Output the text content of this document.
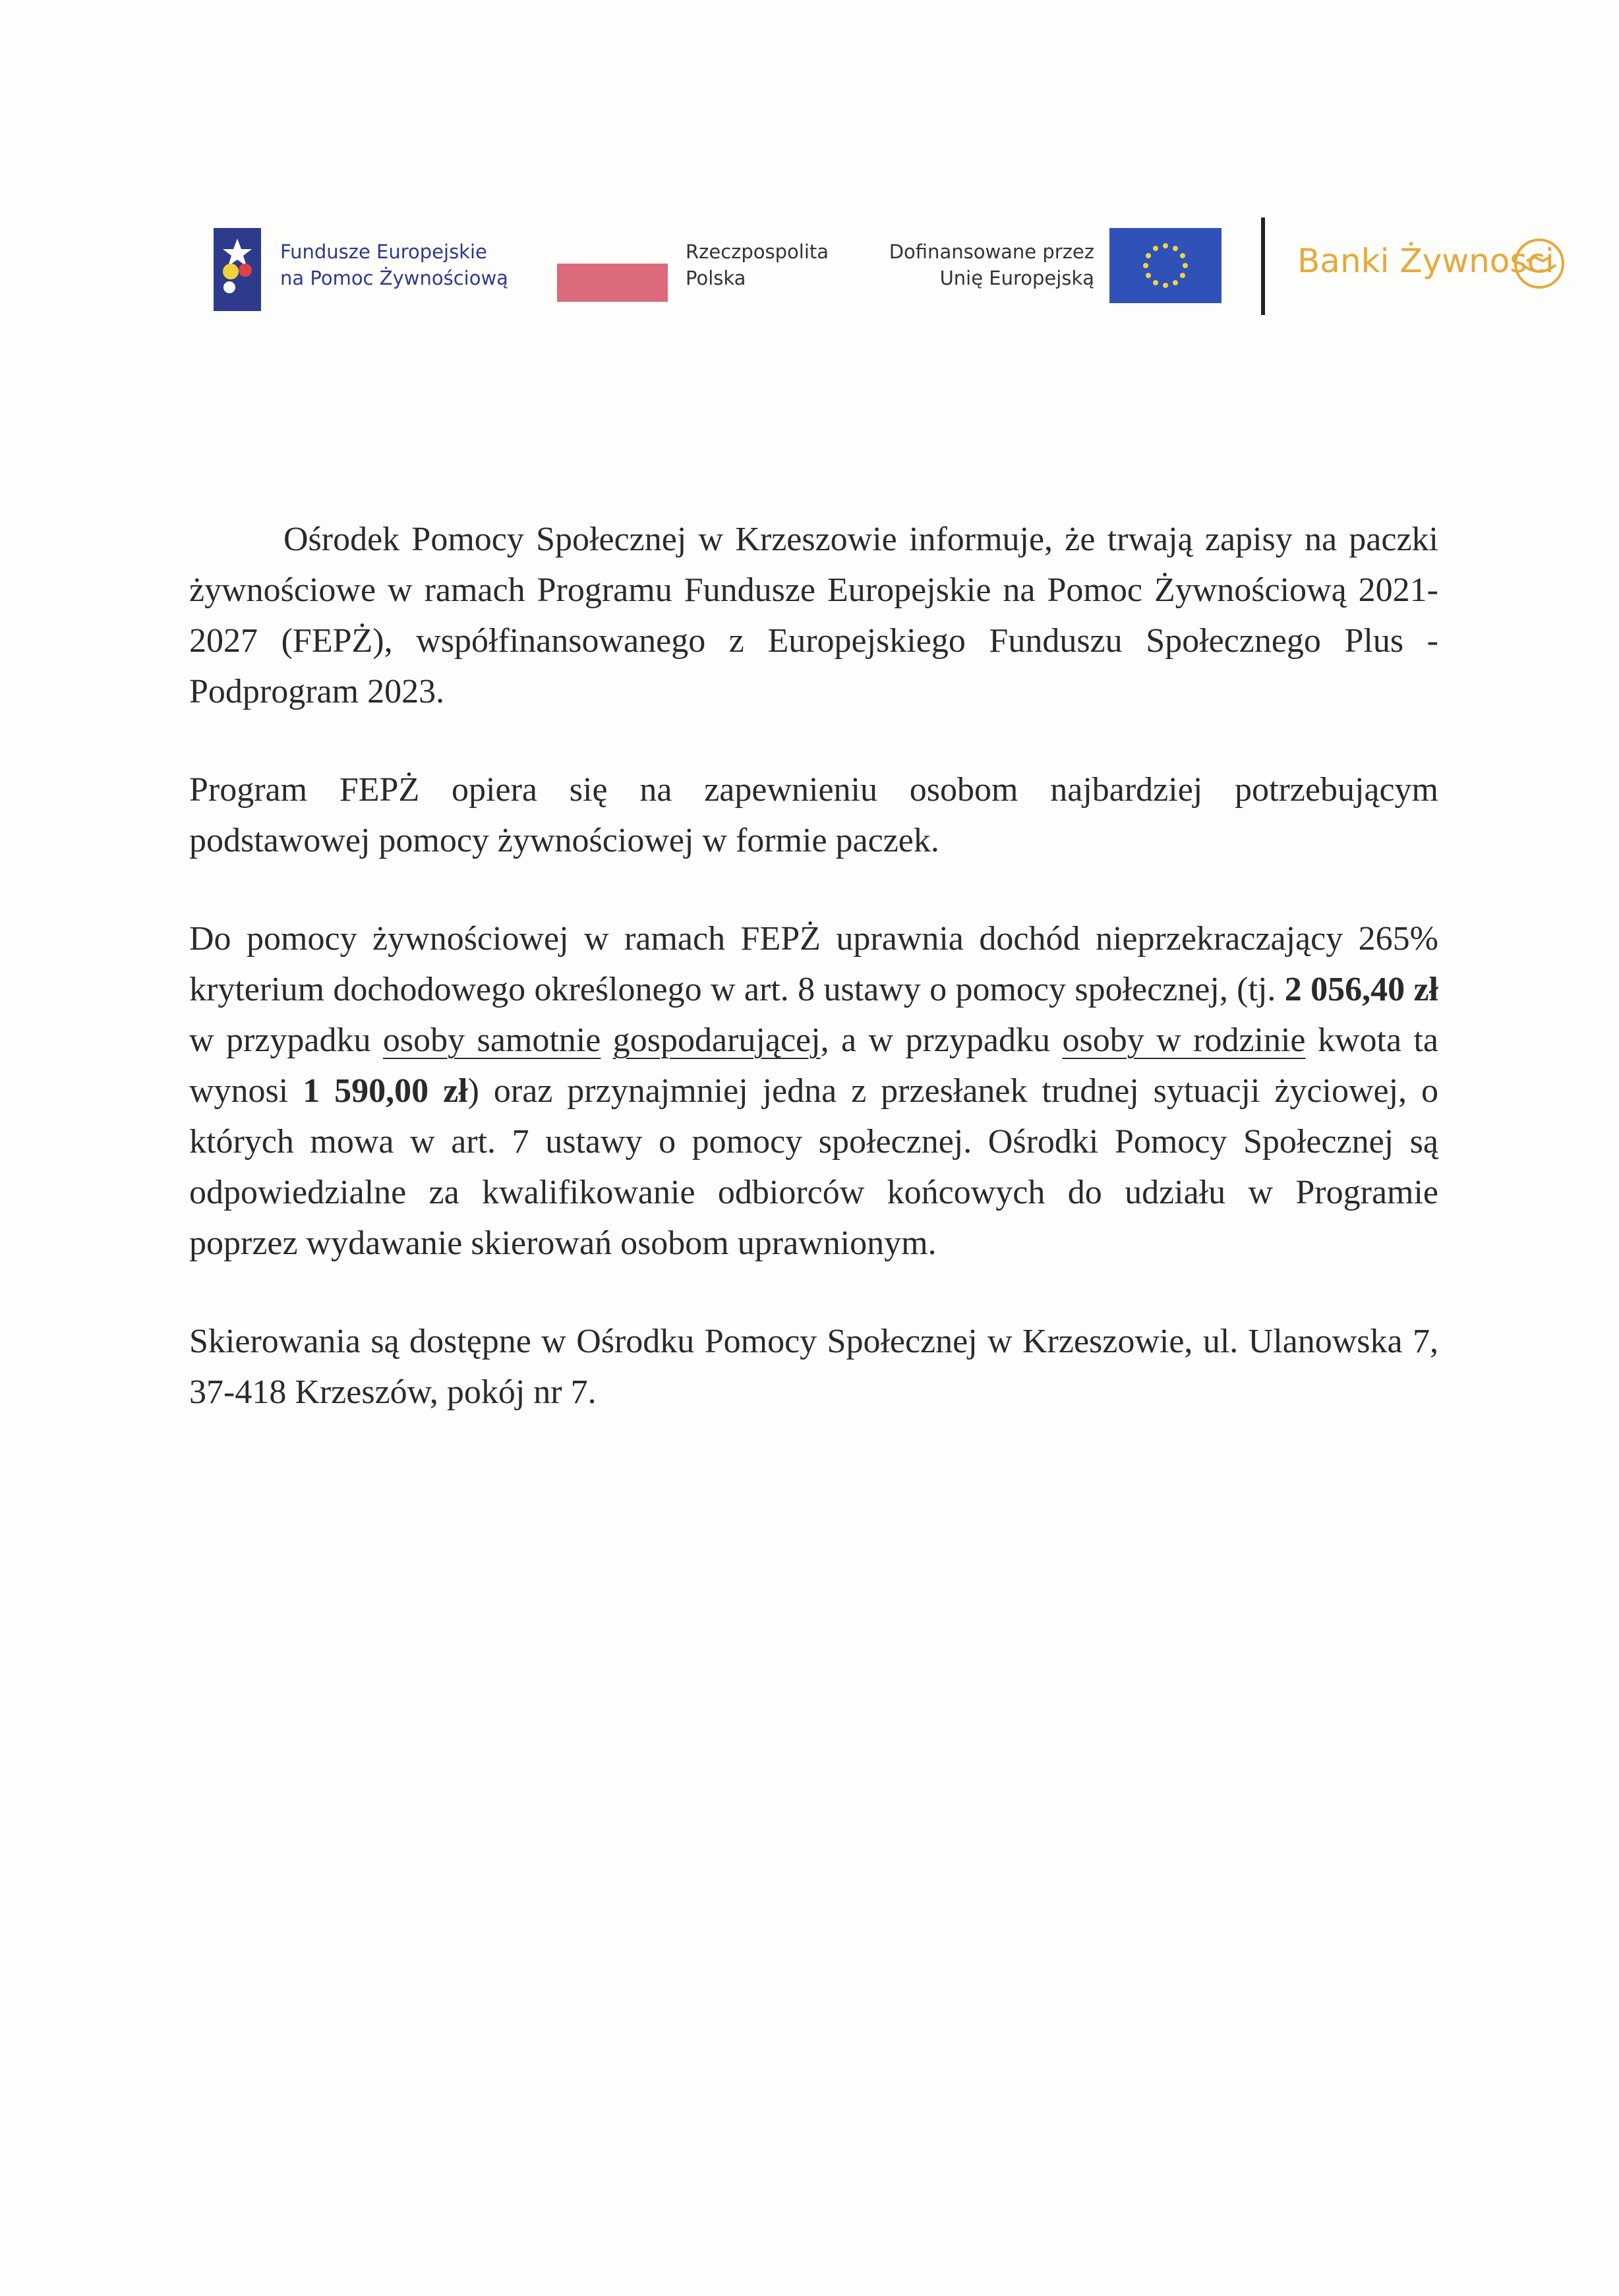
Fundusze Europejskie
na Pomoc Żywnościową
Rzeczpospolita
Polska
Dofinansowane przez
Unię Europejską	Banki Żywności

Ośrodek Pomocy Społecznej w Krzeszowie informuje, że trwają zapisy na paczki żywnościowe w ramach Programu Fundusze Europejskie na Pomoc Żywnościową 2021-2027 (FEPŻ), współfinansowanego z Europejskiego Funduszu Społecznego Plus - Podprogram 2023.

Program FEPŻ opiera się na zapewnieniu osobom najbardziej potrzebującym podstawowej pomocy żywnościowej w formie paczek.

Do pomocy żywnościowej w ramach FEPŻ uprawnia dochód nieprzekraczający 265% kryterium dochodowego określonego w art. 8 ustawy o pomocy społecznej, (tj. 2 056,40 zł w przypadku osoby samotnie gospodarującej, a w przypadku osoby w rodzinie kwota ta wynosi 1 590,00 zł) oraz przynajmniej jedna z przesłanek trudnej sytuacji życiowej, o których mowa w art. 7 ustawy o pomocy społecznej. Ośrodki Pomocy Społecznej są odpowiedzialne za kwalifikowanie odbiorców końcowych do udziału w Programie poprzez wydawanie skierowań osobom uprawnionym.

Skierowania są dostępne w Ośrodku Pomocy Społecznej w Krzeszowie, ul. Ulanowska 7, 37-418 Krzeszów, pokój nr 7.
